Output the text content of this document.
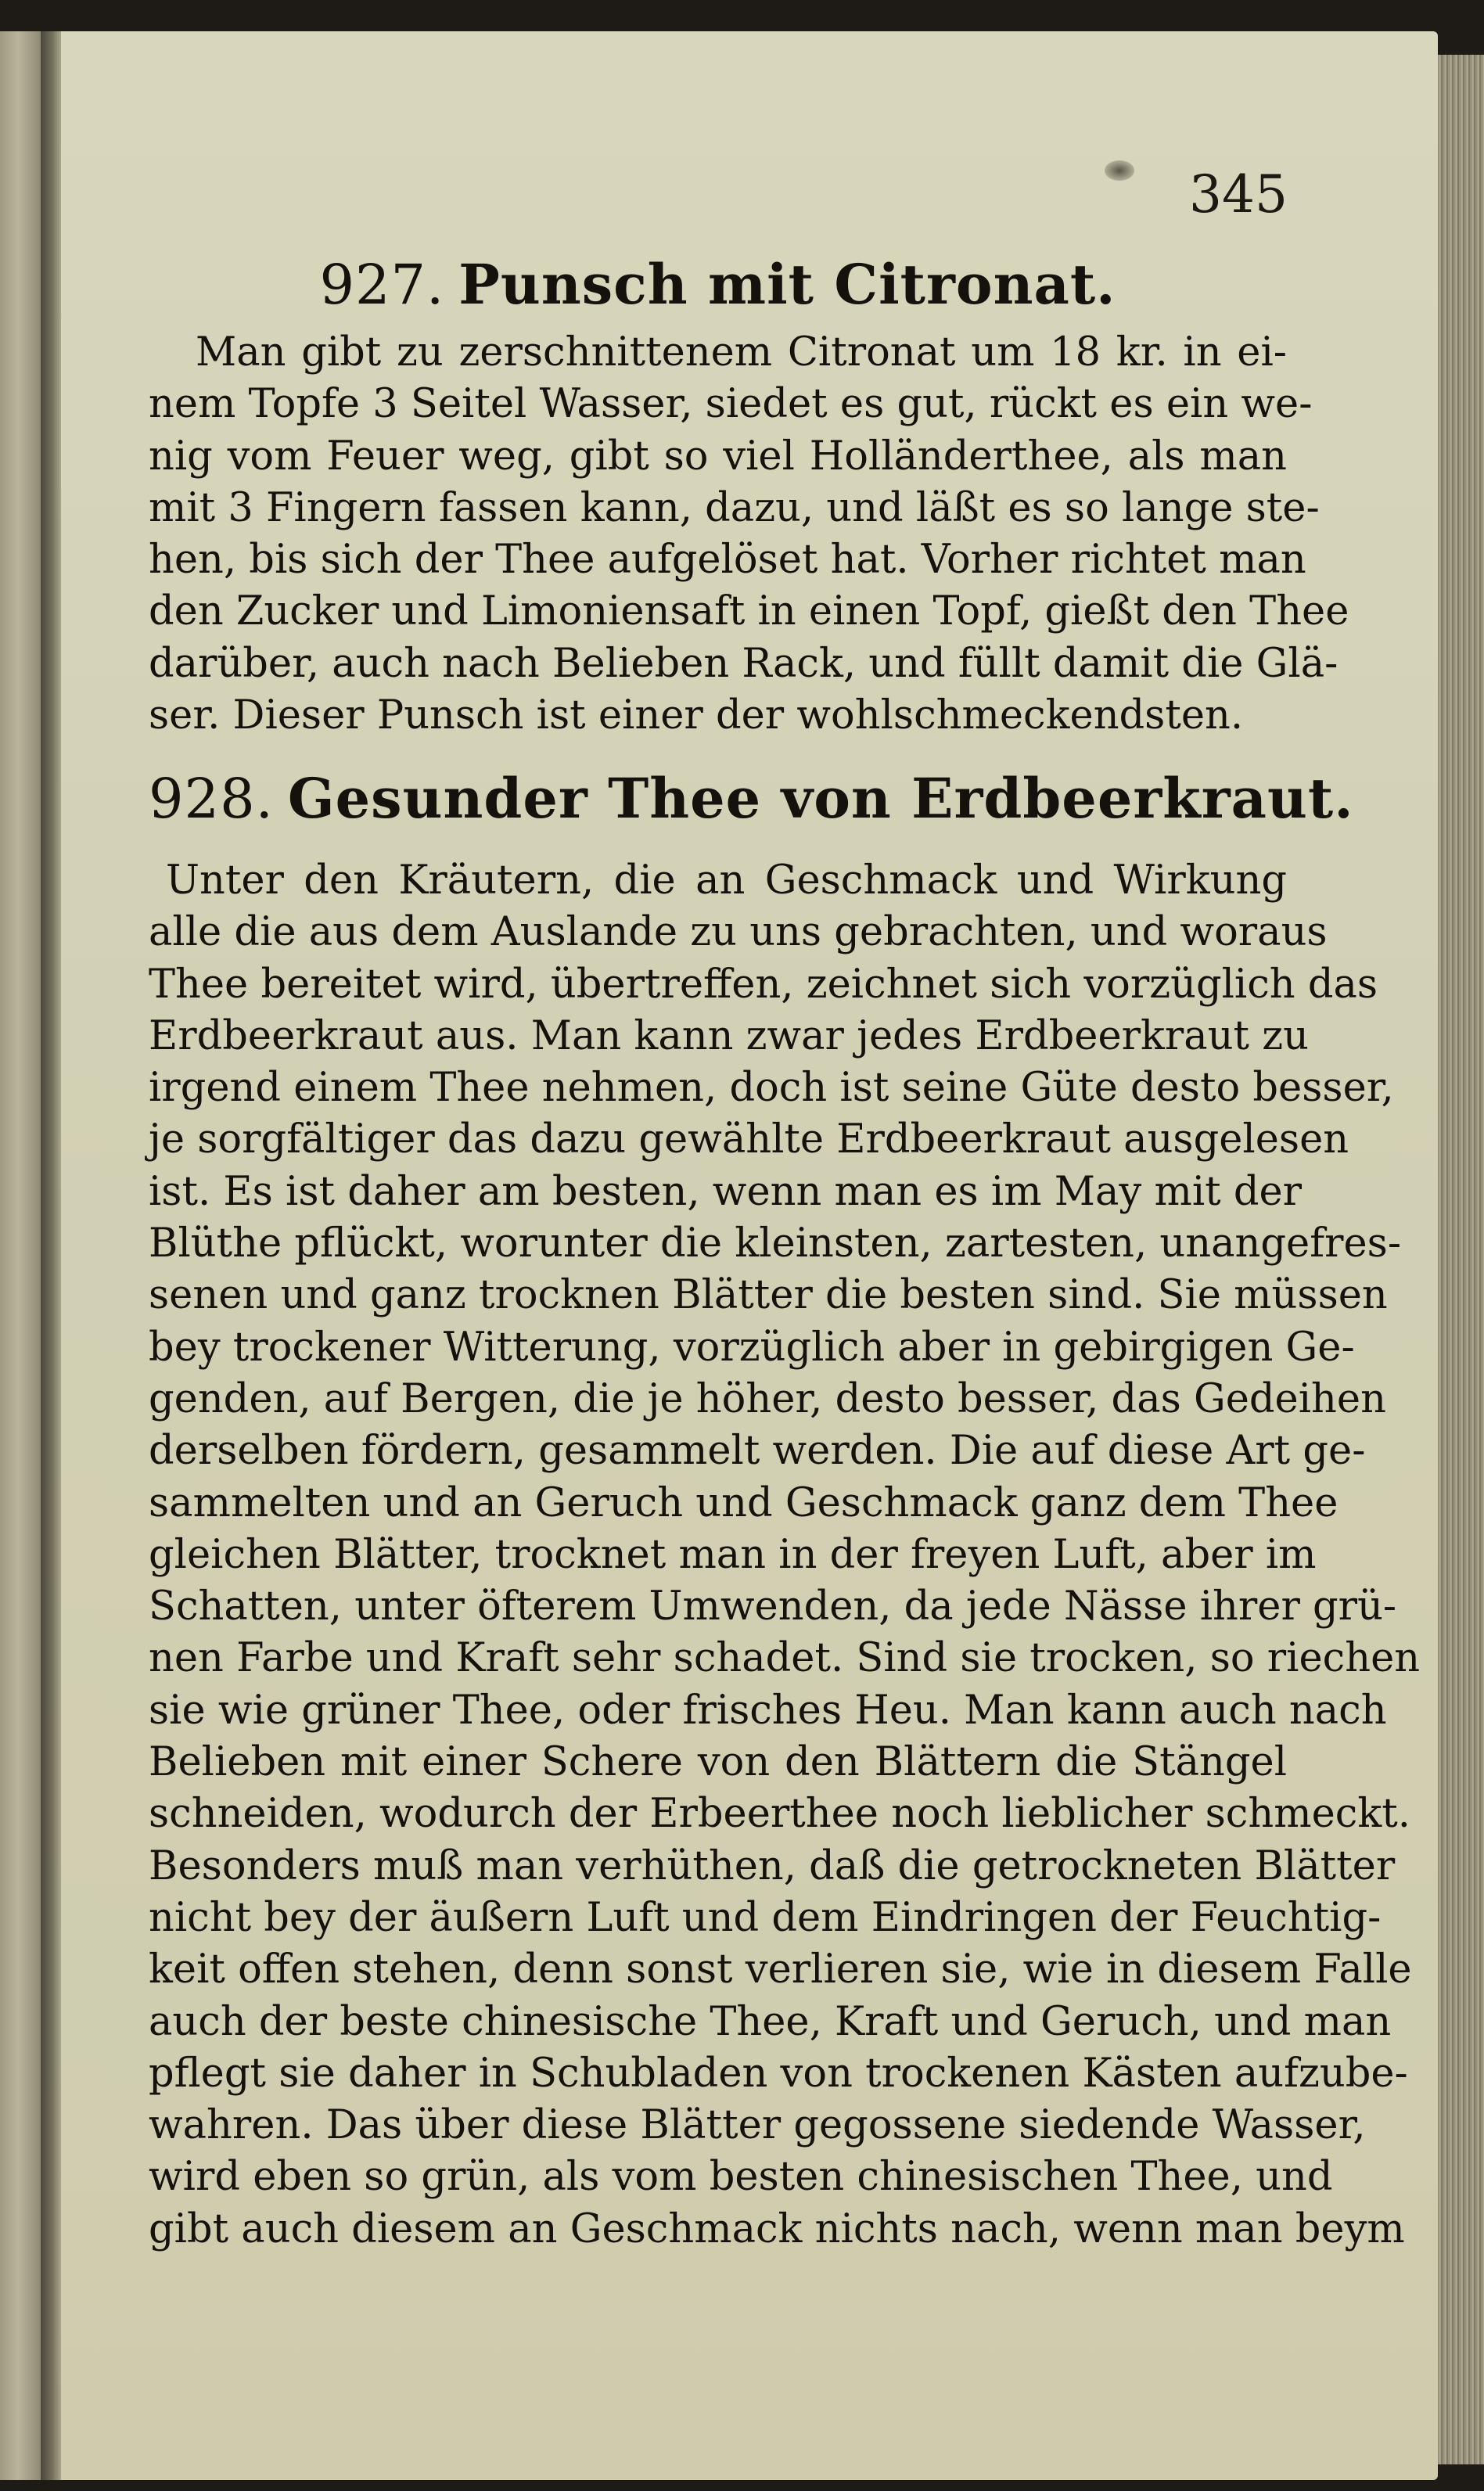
345
927. Punsch mit Citronat.
Man gibt zu zerschnittenem Citronat um 18 kr. in ei-
nem Topfe 3 Seitel Wasser, siedet es gut, rückt es ein we-
nig vom Feuer weg, gibt so viel Holländerthee, als man
mit 3 Fingern fassen kann, dazu, und läßt es so lange ste-
hen, bis sich der Thee aufgelöset hat. Vorher richtet man
den Zucker und Limoniensaft in einen Topf, gießt den Thee
darüber, auch nach Belieben Rack, und füllt damit die Glä-
ser. Dieser Punsch ist einer der wohlschmeckendsten.
928. Gesunder Thee von Erdbeerkraut.
Unter den Kräutern, die an Geschmack und Wirkung
alle die aus dem Auslande zu uns gebrachten, und woraus
Thee bereitet wird, übertreffen, zeichnet sich vorzüglich das
Erdbeerkraut aus. Man kann zwar jedes Erdbeerkraut zu
irgend einem Thee nehmen, doch ist seine Güte desto besser,
je sorgfältiger das dazu gewählte Erdbeerkraut ausgelesen
ist. Es ist daher am besten, wenn man es im May mit der
Blüthe pflückt, worunter die kleinsten, zartesten, unangefres-
senen und ganz trocknen Blätter die besten sind. Sie müssen
bey trockener Witterung, vorzüglich aber in gebirgigen Ge-
genden, auf Bergen, die je höher, desto besser, das Gedeihen
derselben fördern, gesammelt werden. Die auf diese Art ge-
sammelten und an Geruch und Geschmack ganz dem Thee
gleichen Blätter, trocknet man in der freyen Luft, aber im
Schatten, unter öfterem Umwenden, da jede Nässe ihrer grü-
nen Farbe und Kraft sehr schadet. Sind sie trocken, so riechen
sie wie grüner Thee, oder frisches Heu. Man kann auch nach
Belieben mit einer Schere von den Blättern die Stängel
schneiden, wodurch der Erbeerthee noch lieblicher schmeckt.
Besonders muß man verhüthen, daß die getrockneten Blätter
nicht bey der äußern Luft und dem Eindringen der Feuchtig-
keit offen stehen, denn sonst verlieren sie, wie in diesem Falle
auch der beste chinesische Thee, Kraft und Geruch, und man
pflegt sie daher in Schubladen von trockenen Kästen aufzube-
wahren. Das über diese Blätter gegossene siedende Wasser,
wird eben so grün, als vom besten chinesischen Thee, und
gibt auch diesem an Geschmack nichts nach, wenn man beym
